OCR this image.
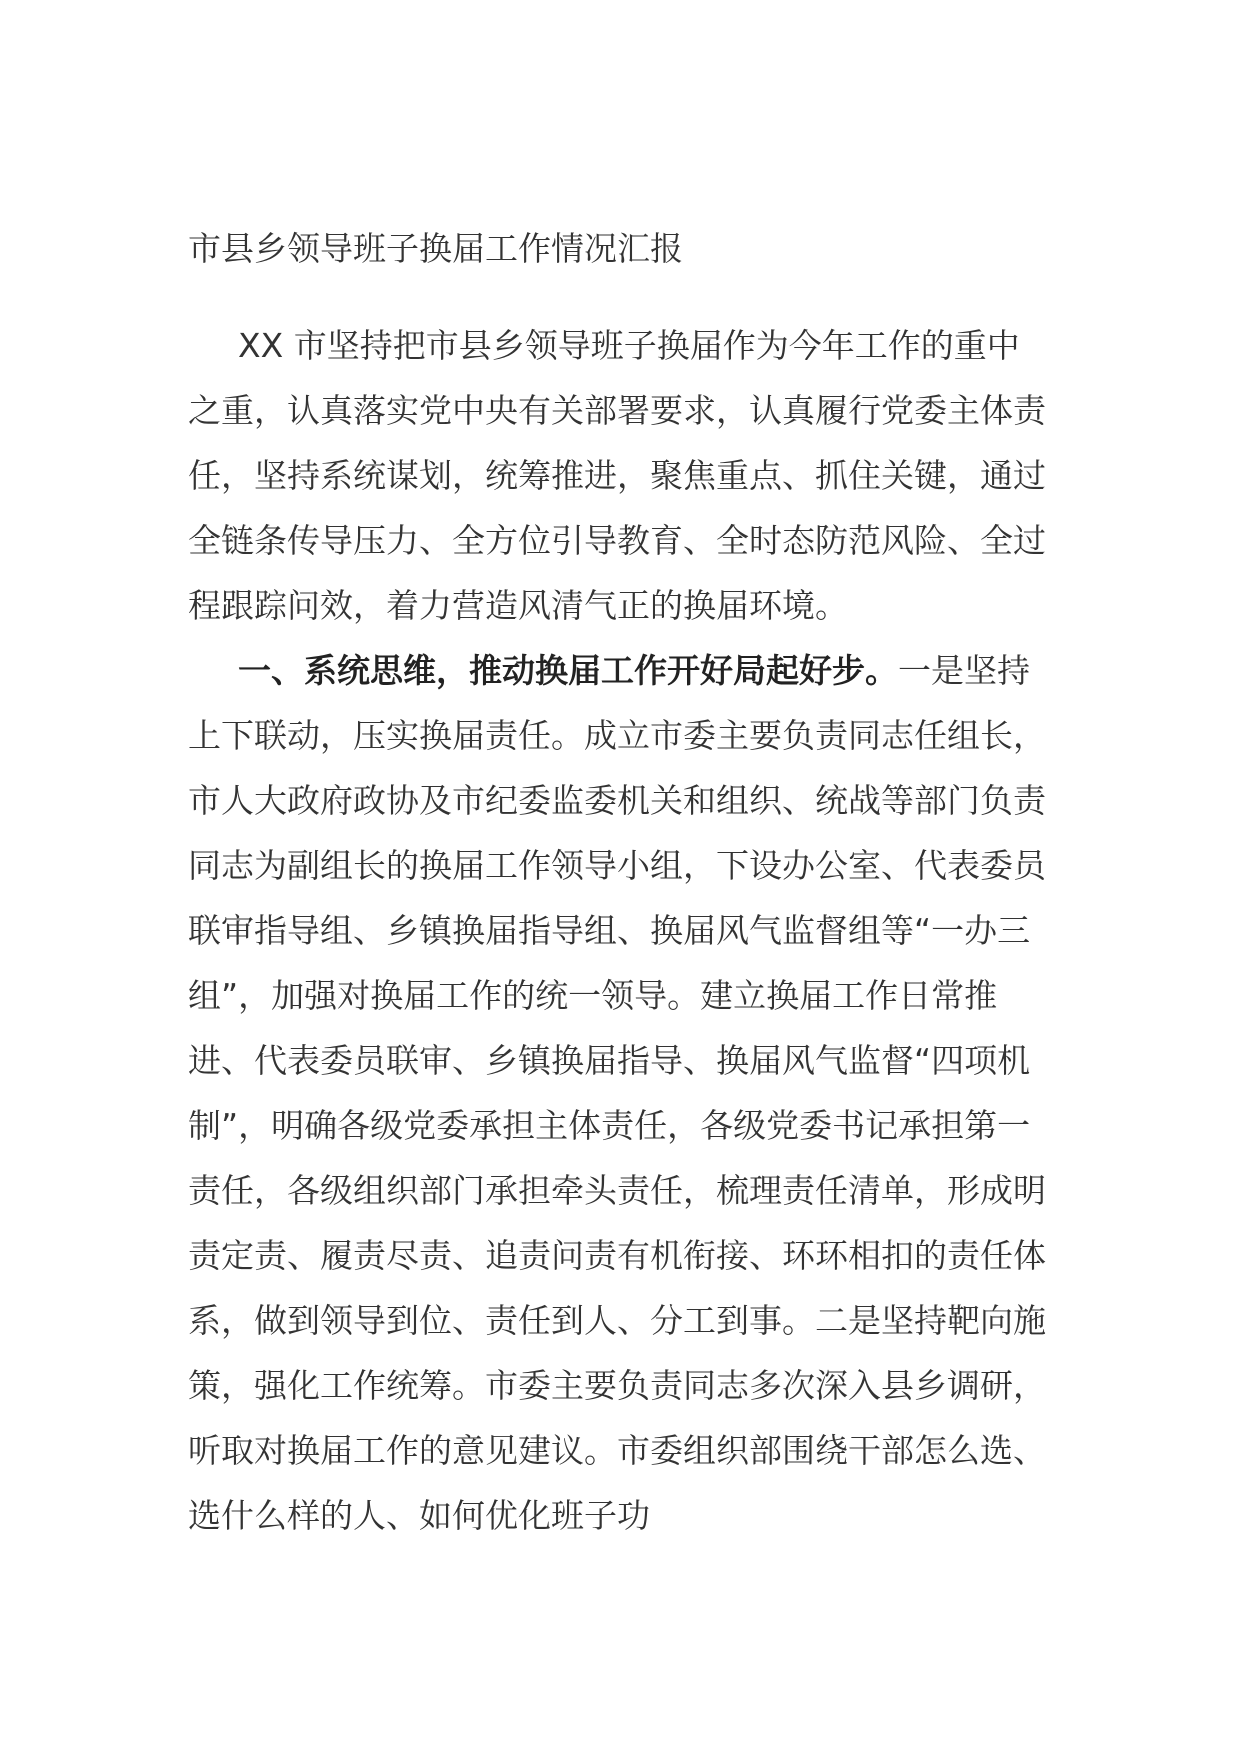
市县乡领导班子换届工作情况汇报

XX 市坚持把市县乡领导班子换届作为今年工作的重中之重，认真落实党中央有关部署要求，认真履行党委主体责任，坚持系统谋划，统筹推进，聚焦重点、抓住关键，通过全链条传导压力、全方位引导教育、全时态防范风险、全过程跟踪问效，着力营造风清气正的换届环境。

一、系统思维，推动换届工作开好局起好步。一是坚持上下联动，压实换届责任。成立市委主要负责同志任组长，市人大政府政协及市纪委监委机关和组织、统战等部门负责同志为副组长的换届工作领导小组，下设办公室、代表委员联审指导组、乡镇换届指导组、换届风气监督组等“一办三组”，加强对换届工作的统一领导。建立换届工作日常推进、代表委员联审、乡镇换届指导、换届风气监督“四项机制”，明确各级党委承担主体责任，各级党委书记承担第一责任，各级组织部门承担牵头责任，梳理责任清单，形成明责定责、履责尽责、追责问责有机衔接、环环相扣的责任体系，做到领导到位、责任到人、分工到事。二是坚持靶向施策，强化工作统筹。市委主要负责同志多次深入县乡调研，听取对换届工作的意见建议。市委组织部围绕干部怎么选、选什么样的人、如何优化班子功
